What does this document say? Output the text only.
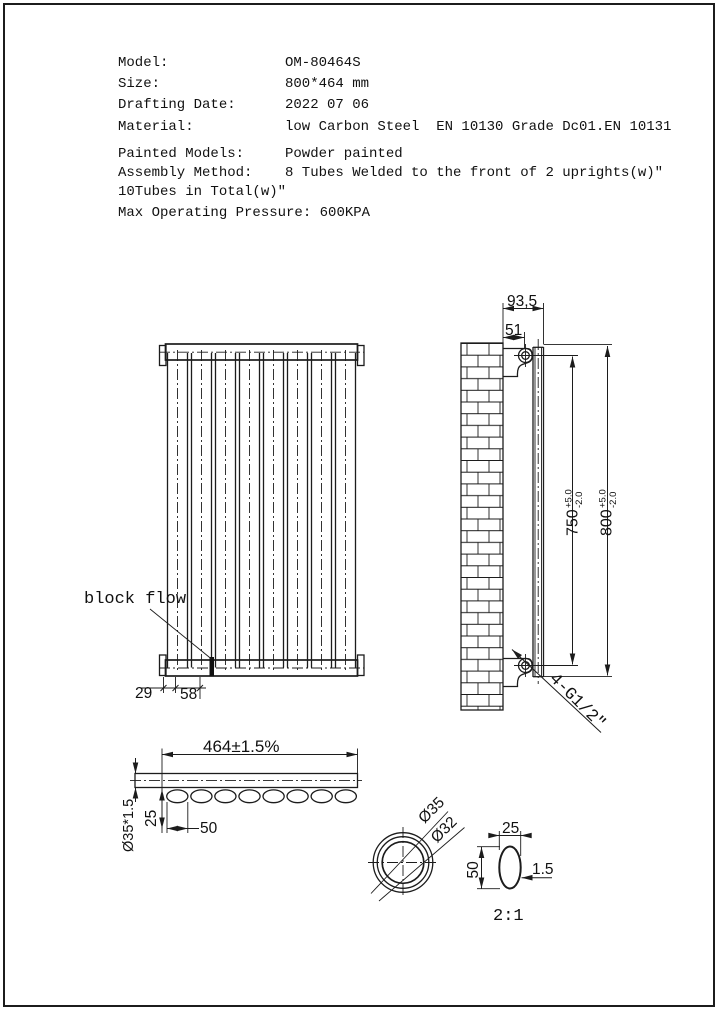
Model:	OM-80464S
Size:	800*464 mm
Drafting Date:	2022 07 06
Material:	low Carbon Steel  EN 10130 Grade Dc01.EN 10131
Painted Models:	Powder painted
Assembly Method: 8 Tubes Welded to the front of 2 uprights(w)″
10Tubes in Total(w)″
Max Operating Pressure: 600KPA
block flow
29 58
93,5
51
750
+5.0 -2.0
800
+5.0 -2.0
4-G1/2″
464±1.5%
Ø35*1.5 25
50
Ø35
Ø32	25
50	1.5
2:1
